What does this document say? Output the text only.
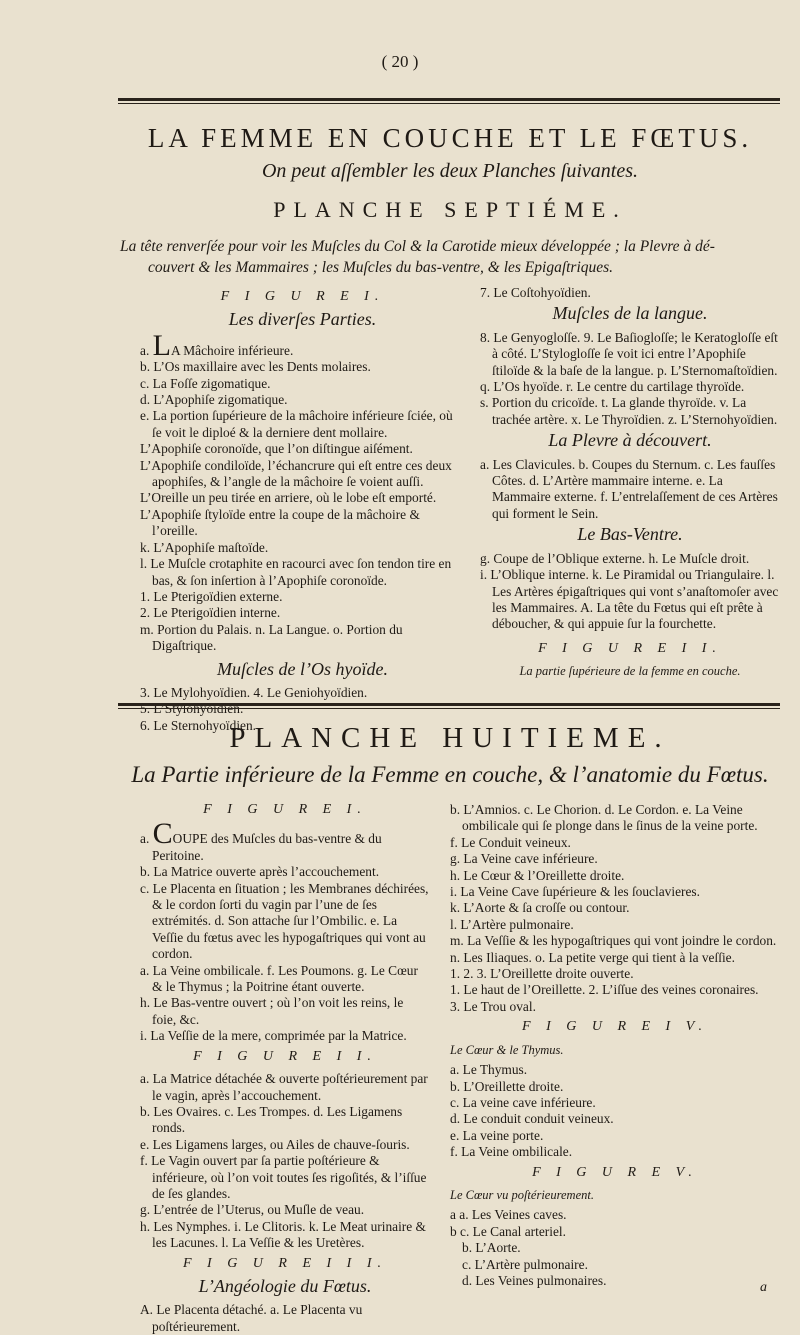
( 20 )
LA FEMME EN COUCHE ET LE FŒTUS.
On peut aſſembler les deux Planches ſuivantes.
PLANCHE SEPTIÉME.
La tête renverſée pour voir les Muſcles du Col & la Carotide mieux développée ; la Plevre à dé-
couvert & les Mammaires ; les Muſcles du bas-ventre, & les Epigaſtriques.
F I G U R E I.
Les diverſes Parties.

a. LA Mâchoire inférieure.

b. L’Os maxillaire avec les Dents molaires.

c. La Foſſe zigomatique.

d. L’Apophiſe zigomatique.

e. La portion ſupérieure de la mâchoire inférieure ſciée, où ſe voit le diploé & la derniere dent mollaire.

L’Apophiſe coronoïde, que l’on diſtingue aiſément.

L’Apophiſe condiloïde, l’échancrure qui eſt entre ces deux apophiſes, & l’angle de la mâchoire ſe voient auſſi.

L’Oreille un peu tirée en arriere, où le lobe eſt emporté.

L’Apophiſe ſtyloïde entre la coupe de la mâchoire & l’oreille.

k. L’Apophiſe maſtoïde.

l. Le Muſcle crotaphite en racourci avec ſon tendon tire en bas, & ſon inſertion à l’Apophiſe coronoïde.

1. Le Pterigoïdien externe.

2. Le Pterigoïdien interne.

m. Portion du Palais. n. La Langue. o. Portion du Digaſtrique.

Muſcles de l’Os hyoïde.

3. Le Mylohyoïdien. 4. Le Geniohyoïdien.

5. L’Stylohyoïdien.

6. Le Sternohyoïdien.

7. Le Coſtohyoïdien.

Muſcles de la langue.

8. Le Genyogloſſe. 9. Le Baſiogloſſe; le Keratogloſſe eſt à côté. L’Stylogloſſe ſe voit ici entre l’Apophiſe ſtiloïde & la baſe de la langue. p. L’Sternomaſtoïdien.

q. L’Os hyoïde. r. Le centre du cartilage thyroïde.

s. Portion du cricoïde. t. La glande thyroïde. v. La trachée artère. x. Le Thyroïdien. z. L’Sternohyoïdien.

La Plevre à découvert.

a. Les Clavicules. b. Coupes du Sternum. c. Les fauſſes Côtes. d. L’Artère mammaire interne. e. La Mammaire externe. f. L’entrelaſſement de ces Artères qui forment le Sein.

Le Bas-Ventre.

g. Coupe de l’Oblique externe. h. Le Muſcle droit.

i. L’Oblique interne. k. Le Piramidal ou Triangulaire. l. Les Artères épigaſtriques qui vont s’anaſtomoſer avec les Mammaires. A. La tête du Fœtus qui eſt prête à déboucher, & qui appuie ſur la fourchette.

F I G U R E I I.
La partie ſupérieure de la femme en couche.
PLANCHE HUITIEME.
La Partie inférieure de la Femme en couche, & l’anatomie du Fœtus.
F I G U R E I.

a. COUPE des Muſcles du bas-ventre & du Peritoine.

b. La Matrice ouverte après l’accouchement.

c. Le Placenta en ſituation ; les Membranes déchirées, & le cordon ſorti du vagin par l’une de ſes extrémités. d. Son attache ſur l’Ombilic. e. La Veſſie du fœtus avec les hypogaſtriques qui vont au cordon.

a. La Veine ombilicale. f. Les Poumons. g. Le Cœur & le Thymus ; la Poitrine étant ouverte.

h. Le Bas-ventre ouvert ; où l’on voit les reins, le foie, &c.

i. La Veſſie de la mere, comprimée par la Matrice.

F I G U R E I I.

a. La Matrice détachée & ouverte poſtérieurement par le vagin, après l’accouchement.

b. Les Ovaires. c. Les Trompes. d. Les Ligamens ronds.

e. Les Ligamens larges, ou Ailes de chauve-ſouris.

f. Le Vagin ouvert par ſa partie poſtérieure & inférieure, où l’on voit toutes ſes rigoſités, & l’iſſue de ſes glandes.

g. L’entrée de l’Uterus, ou Muſle de veau.

h. Les Nymphes. i. Le Clitoris. k. Le Meat urinaire & les Lacunes. l. La Veſſie & les Uretères.

F I G U R E I I I.
L’Angéologie du Fœtus.

A. Le Placenta détaché. a. Le Placenta vu poſtérieurement.

b. L’Amnios. c. Le Chorion. d. Le Cordon. e. La Veine ombilicale qui ſe plonge dans le ſinus de la veine porte.

f. Le Conduit veineux.

g. La Veine cave inférieure.

h. Le Cœur & l’Oreillette droite.

i. La Veine Cave ſupérieure & les ſouclavieres.

k. L’Aorte & ſa croſſe ou contour.

l. L’Artère pulmonaire.

m. La Veſſie & les hypogaſtriques qui vont joindre le cordon.

n. Les Iliaques. o. La petite verge qui tient à la veſſie.

1. 2. 3. L’Oreillette droite ouverte.

1. Le haut de l’Oreillette. 2. L’iſſue des veines coronaires.

3. Le Trou oval.

F I G U R E I V.
Le Cœur & le Thymus.

a. Le Thymus.

b. L’Oreillette droite.

c. La veine cave inférieure.

d. Le conduit conduit veineux.

e. La veine porte.

f. La Veine ombilicale.

F I G U R E V.
Le Cœur vu poſtérieurement.

a a. Les Veines caves.

b c. Le Canal arteriel.

b. L’Aorte.

c. L’Artère pulmonaire.

d. Les Veines pulmonaires.	a
